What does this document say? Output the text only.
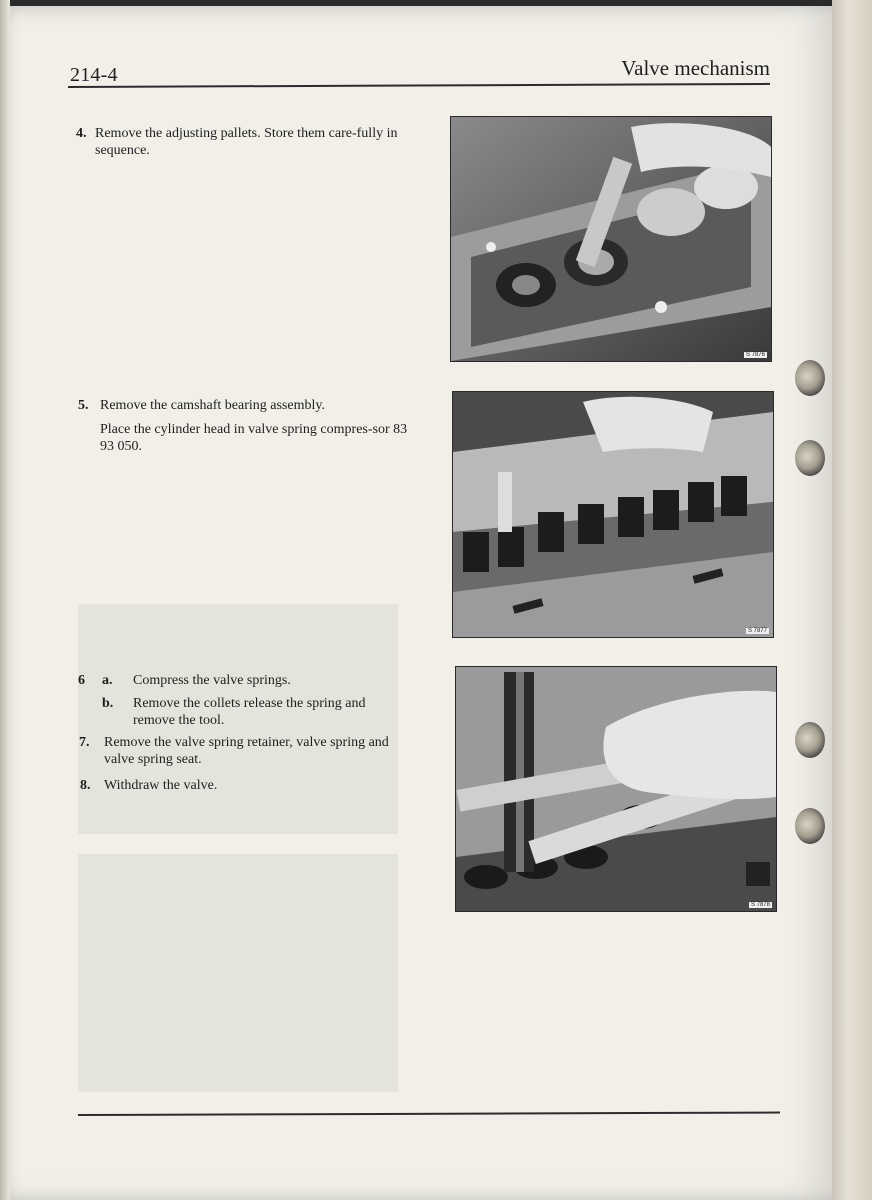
214-4	Valve mechanism
4. Remove the adjusting pallets. Store them care-fully in sequence.
5. Remove the camshaft bearing assembly.
Place the cylinder head in valve spring compres-sor 83 93 050.
6 a. Compress the valve springs.
b. Remove the collets release the spring and remove the tool.
7. Remove the valve spring retainer, valve spring and valve spring seat.
8. Withdraw the valve.
S 7876
S 7877
S 7878
